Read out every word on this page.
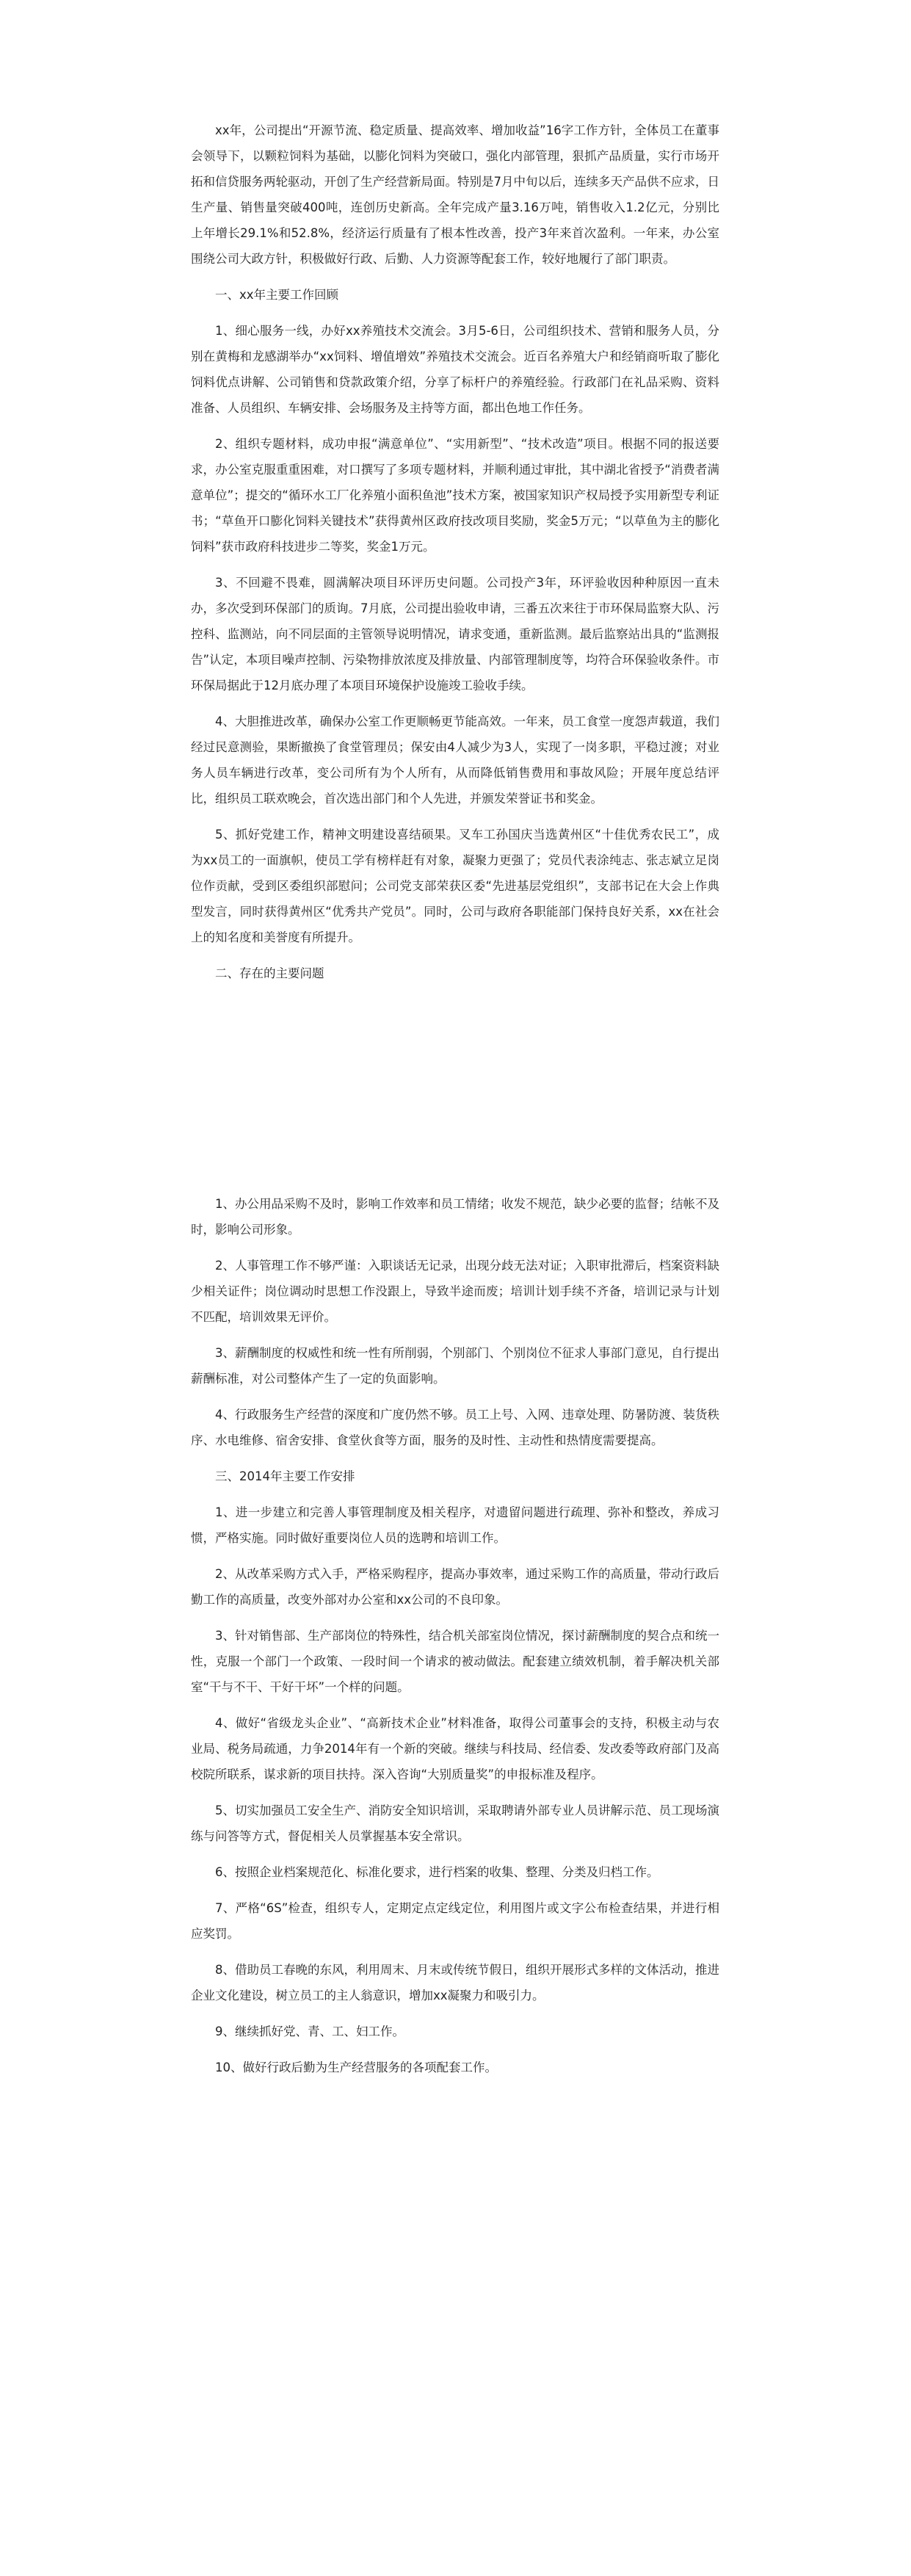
xx年，公司提出“开源节流、稳定质量、提高效率、增加收益”16字工作方针，全体员工在董事会领导下，以颗粒饲料为基础，以膨化饲料为突破口，强化内部管理，狠抓产品质量，实行市场开拓和信贷服务两轮驱动，开创了生产经营新局面。特别是7月中旬以后，连续多天产品供不应求，日生产量、销售量突破400吨，连创历史新高。全年完成产量3.16万吨，销售收入1.2亿元，分别比上年增长29.1%和52.8%，经济运行质量有了根本性改善，投产3年来首次盈利。一年来，办公室围绕公司大政方针，积极做好行政、后勤、人力资源等配套工作，较好地履行了部门职责。

一、xx年主要工作回顾

1、细心服务一线，办好xx养殖技术交流会。3月5-6日，公司组织技术、营销和服务人员，分别在黄梅和龙感湖举办“xx饲料、增值增效”养殖技术交流会。近百名养殖大户和经销商听取了膨化饲料优点讲解、公司销售和贷款政策介绍，分享了标杆户的养殖经验。行政部门在礼品采购、资料准备、人员组织、车辆安排、会场服务及主持等方面，都出色地工作任务。

2、组织专题材料，成功申报“满意单位”、“实用新型”、“技术改造”项目。根据不同的报送要求，办公室克服重重困难，对口撰写了多项专题材料，并顺利通过审批，其中湖北省授予“消费者满意单位”；提交的“循环水工厂化养殖小面积鱼池”技术方案，被国家知识产权局授予实用新型专利证书；“草鱼开口膨化饲料关键技术”获得黄州区政府技改项目奖励，奖金5万元；“以草鱼为主的膨化饲料”获市政府科技进步二等奖，奖金1万元。

3、不回避不畏难，圆满解决项目环评历史问题。公司投产3年，环评验收因种种原因一直未办，多次受到环保部门的质询。7月底，公司提出验收申请，三番五次来往于市环保局监察大队、污控科、监测站，向不同层面的主管领导说明情况，请求变通，重新监测。最后监察站出具的“监测报告”认定，本项目噪声控制、污染物排放浓度及排放量、内部管理制度等，均符合环保验收条件。市环保局据此于12月底办理了本项目环境保护设施竣工验收手续。

4、大胆推进改革，确保办公室工作更顺畅更节能高效。一年来，员工食堂一度怨声载道，我们经过民意测验，果断撤换了食堂管理员；保安由4人减少为3人，实现了一岗多职，平稳过渡；对业务人员车辆进行改革，变公司所有为个人所有，从而降低销售费用和事故风险；开展年度总结评比，组织员工联欢晚会，首次选出部门和个人先进，并颁发荣誉证书和奖金。

5、抓好党建工作，精神文明建设喜结硕果。叉车工孙国庆当选黄州区“十佳优秀农民工”，成为xx员工的一面旗帜，使员工学有榜样赶有对象，凝聚力更强了；党员代表涂纯志、张志斌立足岗位作贡献，受到区委组织部慰问；公司党支部荣获区委“先进基层党组织”，支部书记在大会上作典型发言，同时获得黄州区“优秀共产党员”。同时，公司与政府各职能部门保持良好关系，xx在社会上的知名度和美誉度有所提升。

二、存在的主要问题

1、办公用品采购不及时，影响工作效率和员工情绪；收发不规范，缺少必要的监督；结帐不及时，影响公司形象。

2、人事管理工作不够严谨：入职谈话无记录，出现分歧无法对证；入职审批滞后，档案资料缺少相关证件；岗位调动时思想工作没跟上，导致半途而废；培训计划手续不齐备，培训记录与计划不匹配，培训效果无评价。

3、薪酬制度的权威性和统一性有所削弱，个别部门、个别岗位不征求人事部门意见，自行提出薪酬标准，对公司整体产生了一定的负面影响。

4、行政服务生产经营的深度和广度仍然不够。员工上号、入网、违章处理、防暑防渡、装货秩序、水电维修、宿舍安排、食堂伙食等方面，服务的及时性、主动性和热情度需要提高。

三、2014年主要工作安排

1、进一步建立和完善人事管理制度及相关程序，对遗留问题进行疏理、弥补和整改，养成习惯，严格实施。同时做好重要岗位人员的选聘和培训工作。

2、从改革采购方式入手，严格采购程序，提高办事效率，通过采购工作的高质量，带动行政后勤工作的高质量，改变外部对办公室和xx公司的不良印象。

3、针对销售部、生产部岗位的特殊性，结合机关部室岗位情况，探讨薪酬制度的契合点和统一性，克服一个部门一个政策、一段时间一个请求的被动做法。配套建立绩效机制，着手解决机关部室“干与不干、干好干坏”一个样的问题。

4、做好“省级龙头企业”、“高新技术企业”材料准备，取得公司董事会的支持，积极主动与农业局、税务局疏通，力争2014年有一个新的突破。继续与科技局、经信委、发改委等政府部门及高校院所联系，谋求新的项目扶持。深入咨询“大别质量奖”的申报标准及程序。

5、切实加强员工安全生产、消防安全知识培训，采取聘请外部专业人员讲解示范、员工现场演练与问答等方式，督促相关人员掌握基本安全常识。

6、按照企业档案规范化、标准化要求，进行档案的收集、整理、分类及归档工作。

7、严格“6S”检查，组织专人，定期定点定线定位，利用图片或文字公布检查结果，并进行相应奖罚。

8、借助员工春晚的东风，利用周末、月末或传统节假日，组织开展形式多样的文体活动，推进企业文化建设，树立员工的主人翁意识，增加xx凝聚力和吸引力。

9、继续抓好党、青、工、妇工作。

10、做好行政后勤为生产经营服务的各项配套工作。
